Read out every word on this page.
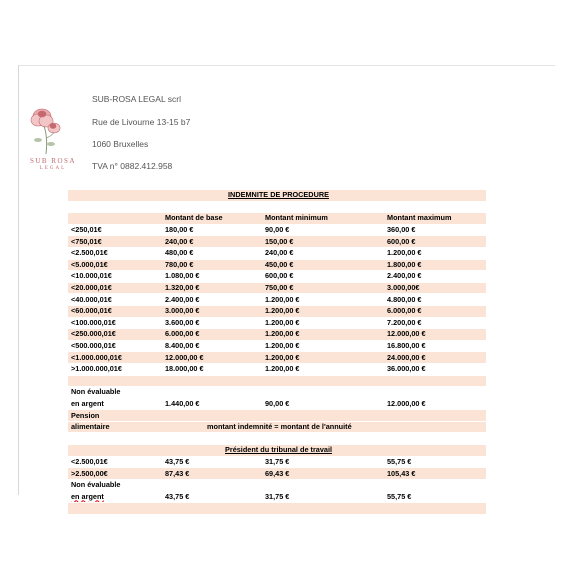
SUB ROSA
LEGAL
SUB-ROSA LEGAL scrl
Rue de Livourne 13-15 b7
1060 Bruxelles
TVA n° 0882.412.958
INDEMNITE DE PROCEDURE			

	Montant de base	Montant minimum	Montant maximum
<250,01€	180,00 €	90,00 €	360,00 €
<750,01€	240,00 €	150,00 €	600,00 €
<2.500,01€	480,00 €	240,00 €	1.200,00 €
<5.000,01€	780,00 €	450,00 €	1.800,00 €
<10.000,01€	1.080,00 €	600,00 €	2.400,00 €
<20.000,01€	1.320,00 €	750,00 €	3.000,00€
<40.000,01€	2.400,00 €	1.200,00 €	4.800,00 €
<60.000,01€	3.000,00 €	1.200,00 €	6.000,00 €
<100.000,01€	3.600,00 €	1.200,00 €	7.200,00 €
<250.000,01€	6.000,00 €	1.200,00 €	12.000,00 €
<500.000,01€	8.400,00 €	1.200,00 €	16.800,00 €
<1.000.000,01€	12.000,00 €	1.200,00 €	24.000,00 €
>1.000.000,01€	18.000,00 €	1.200,00 €	36.000,00 €

Non évaluable			
en argent	1.440,00 €	90,00 €	12.000,00 €
Pension			
alimentaire	montant indemnité = montant de l'annuité		

Président du tribunal de travail			
<2.500,01€	43,75 €	31,75 €	55,75 €
>2.500,00€	87,43 €	69,43 €	105,43 €
Non évaluable			
en argent	43,75 €	31,75 €	55,75 €
